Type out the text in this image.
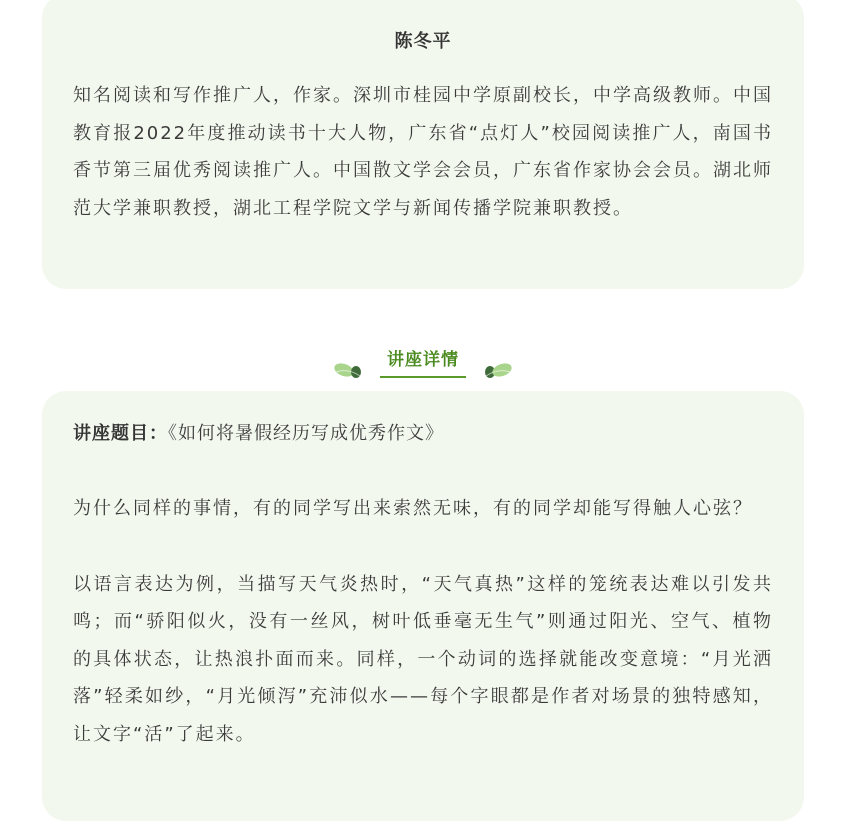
陈冬平

知名阅读和写作推广人，作家。深圳市桂园中学原副校长，中学高级教师。中国教育报2022年度推动读书十大人物，广东省“点灯人”校园阅读推广人，南国书香节第三届优秀阅读推广人。中国散文学会会员，广东省作家协会会员。湖北师范大学兼职教授，湖北工程学院文学与新闻传播学院兼职教授。

讲座详情

讲座题目：《如何将暑假经历写成优秀作文》

为什么同样的事情，有的同学写出来索然无味，有的同学却能写得触人心弦？

以语言表达为例，当描写天气炎热时，“天气真热”这样的笼统表达难以引发共鸣；而“骄阳似火，没有一丝风，树叶低垂毫无生气”则通过阳光、空气、植物的具体状态，让热浪扑面而来。同样，一个动词的选择就能改变意境：“月光洒落”轻柔如纱，“月光倾泻”充沛似水——每个字眼都是作者对场景的独特感知，让文字“活”了起来。
